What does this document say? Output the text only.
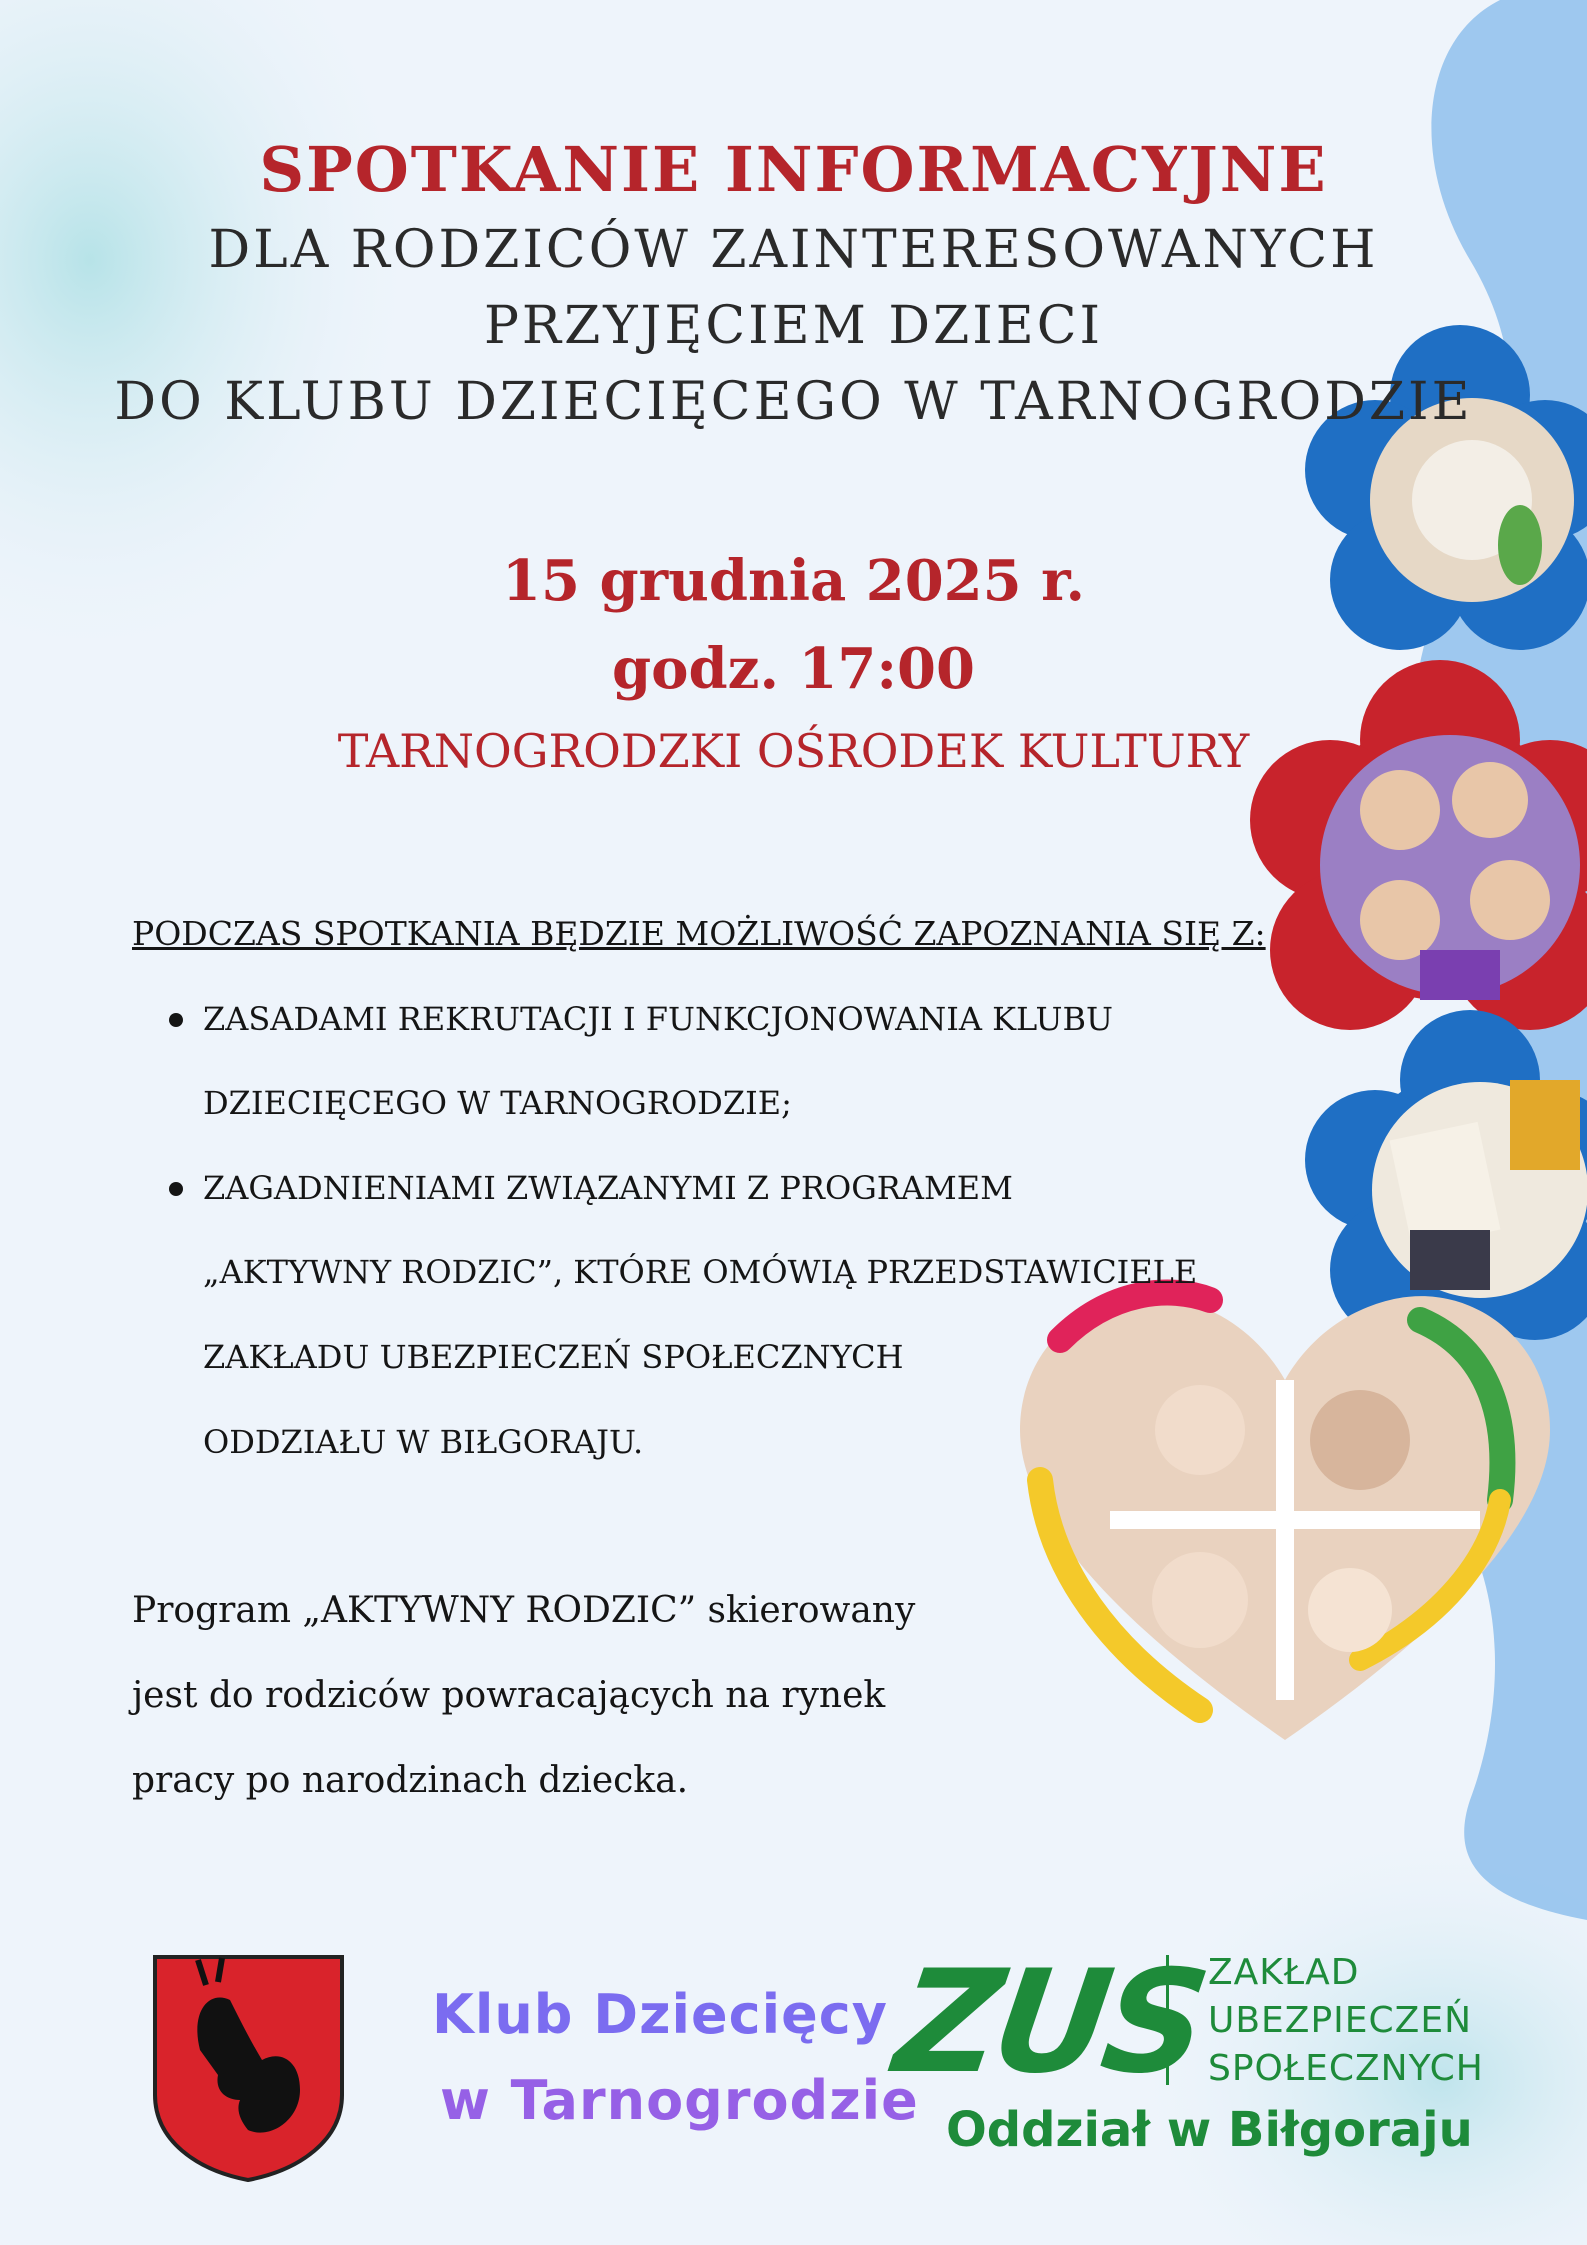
SPOTKANIE INFORMACYJNE
DLA RODZICÓW ZAINTERESOWANYCH
PRZYJĘCIEM DZIECI
DO KLUBU DZIECIĘCEGO W TARNOGRODZIE
15 grudnia 2025 r.
godz. 17:00
TARNOGRODZKI OŚRODEK KULTURY
PODCZAS SPOTKANIA BĘDZIE MOŻLIWOŚĆ ZAPOZNANIA SIĘ Z:
ZASADAMI REKRUTACJI I FUNKCJONOWANIA KLUBU
DZIECIĘCEGO W TARNOGRODZIE;
ZAGADNIENIAMI ZWIĄZANYMI Z PROGRAMEM
„AKTYWNY RODZIC”, KTÓRE OMÓWIĄ PRZEDSTAWICIELE
ZAKŁADU UBEZPIECZEŃ SPOŁECZNYCH
ODDZIAŁU W BIŁGORAJU.
Program „AKTYWNY RODZIC” skierowany
jest do rodziców powracających na rynek
pracy po narodzinach dziecka.
Klub Dziecięcy
w Tarnogrodzie
ZUS
ZAKŁAD
UBEZPIECZEŃ
SPOŁECZNYCH
Oddział w Biłgoraju
